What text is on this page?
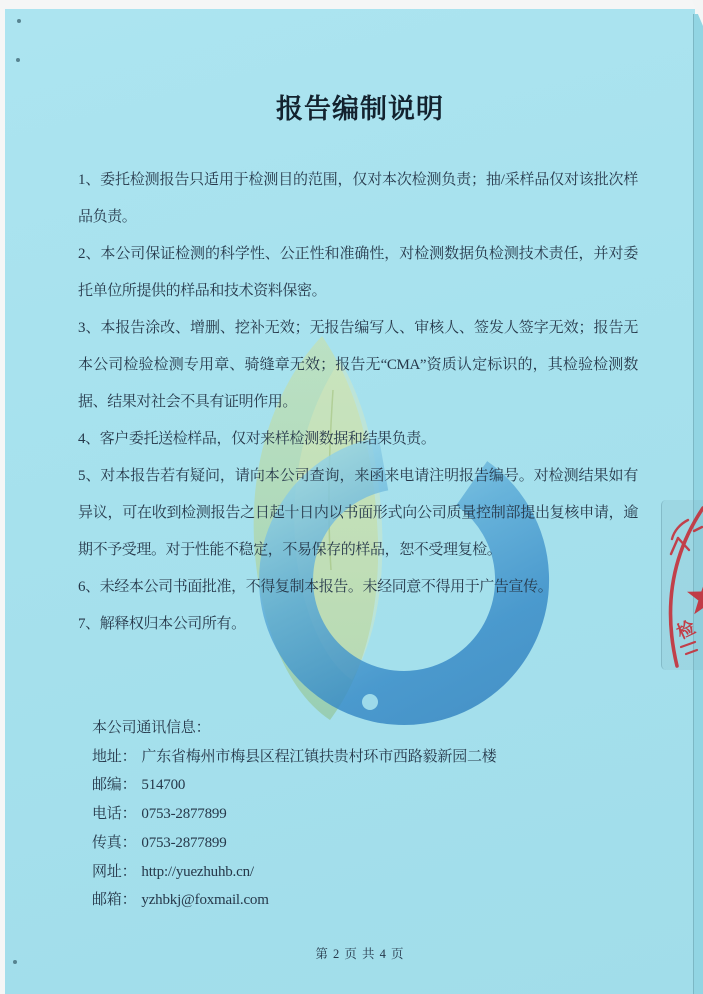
报告编制说明

1、委托检测报告只适用于检测目的范围，仅对本次检测负责；抽/采样品仅对该批次样品负责。

2、本公司保证检测的科学性、公正性和准确性，对检测数据负检测技术责任，并对委托单位所提供的样品和技术资料保密。

3、本报告涂改、增删、挖补无效；无报告编写人、审核人、签发人签字无效；报告无本公司检验检测专用章、骑缝章无效；报告无“CMA”资质认定标识的，其检验检测数据、结果对社会不具有证明作用。

4、客户委托送检样品，仅对来样检测数据和结果负责。

5、对本报告若有疑问，请向本公司查询，来函来电请注明报告编号。对检测结果如有异议，可在收到检测报告之日起十日内以书面形式向公司质量控制部提出复核申请，逾期不予受理。对于性能不稳定，不易保存的样品，恕不受理复检。

6、未经本公司书面批准，不得复制本报告。未经同意不得用于广告宣传。

7、解释权归本公司所有。

本公司通讯信息：
地址： 广东省梅州市梅县区程江镇扶贵村环市西路毅新园二楼
邮编： 514700
电话： 0753-2877899
传真： 0753-2877899
网址： http://yuezhuhb.cn/
邮箱： yzhbkj@foxmail.com
第 2 页 共 4 页
检
